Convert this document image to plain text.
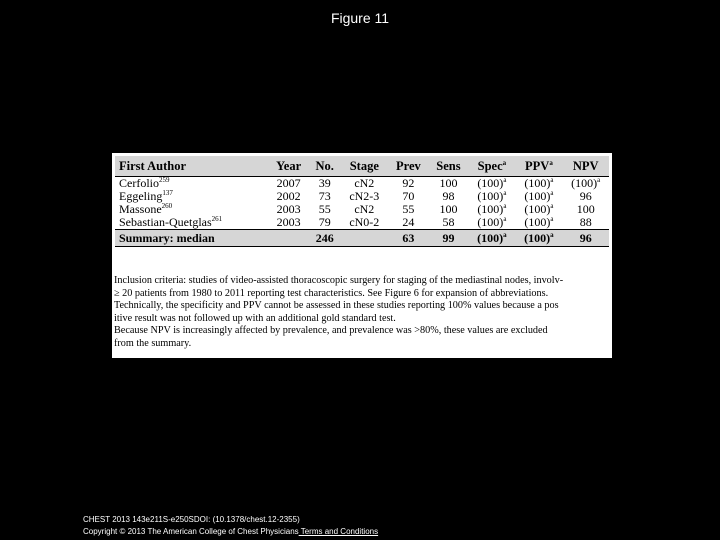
Figure 11
First Author	Year	No.	Stage	Prev	Sens	Spec$^a$	PPV$^a$	NPV
Cerfolio$^{259}$	2007	39	cN2	92	100	$(100)^a$	$(100)^a$	$(100)^a$
Eggeling$^{137}$	2002	73	cN2-3	70	98	$(100)^a$	$(100)^a$	96
Massone$^{260}$	2003	55	cN2	55	100	$(100)^a$	$(100)^a$	100
Sebastian-Quetglas$^{261}$	2003	79	cN0-2	24	58	$(100)^a$	$(100)^a$	88
Summary: median		246		63	99	$(100)^a$	$(100)^a$	96

Inclusion criteria: studies of video-assisted thoracoscopic surgery for staging of the mediastinal nodes, involv-

≥ 20 patients from 1980 to 2011 reporting test characteristics. See Figure 6 for expansion of abbreviations.

Technically, the specificity and PPV cannot be assessed in these studies reporting 100% values because a pos

itive result was not followed up with an additional gold standard test.

Because NPV is increasingly affected by prevalence, and prevalence was >80%, these values are excluded

from the summary.

CHEST 2013 143e211S-e250SDOI: (10.1378/chest.12-2355)
Copyright © 2013 The American College of Chest Physicians Terms and Conditions
